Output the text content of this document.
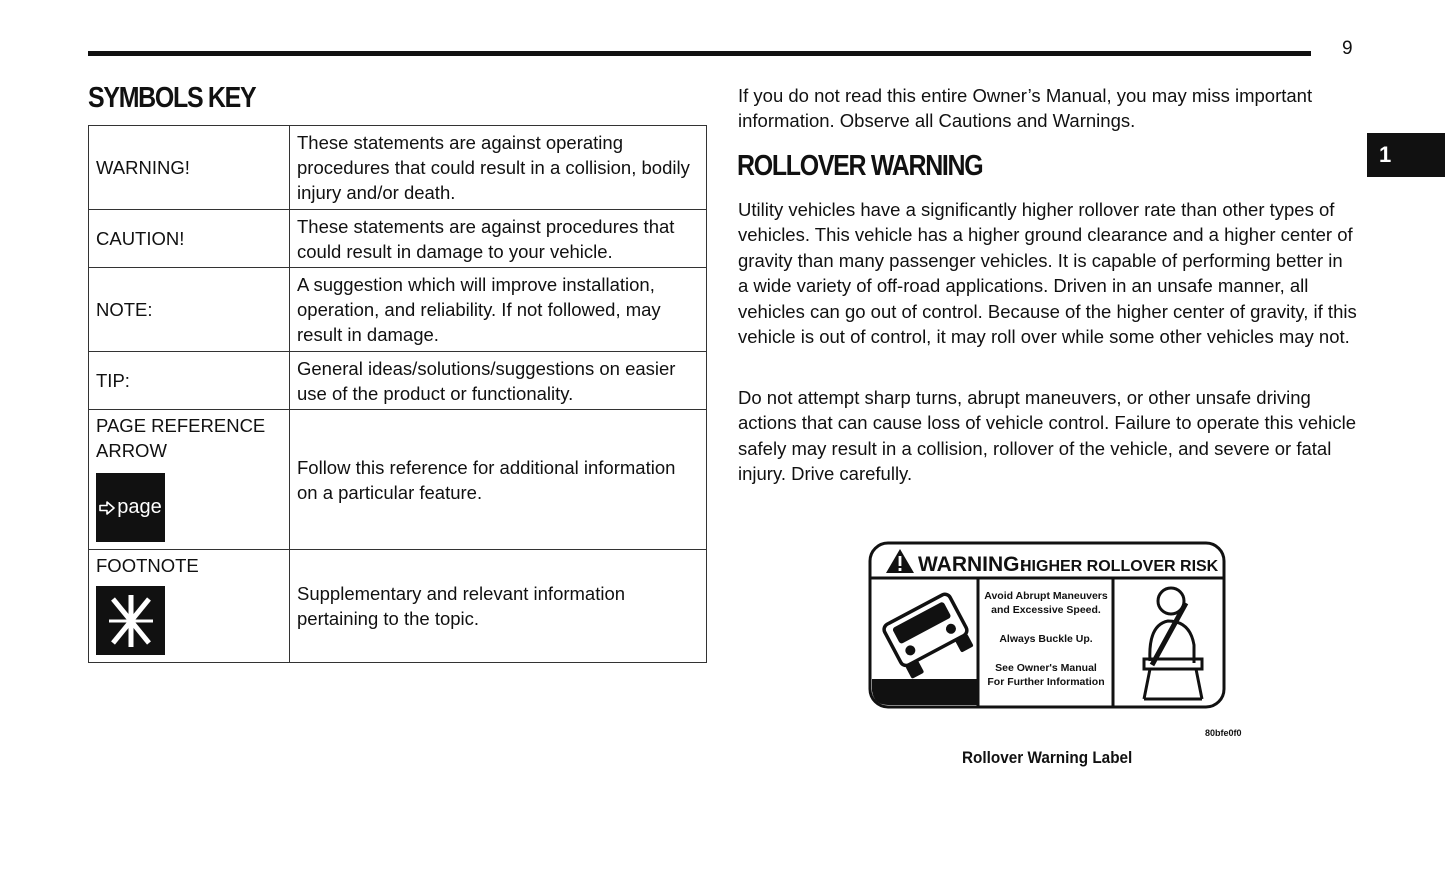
9
1
SYMBOLS KEY
WARNING!	These statements are against operating procedures that could result in a collision, bodily injury and/or death.
CAUTION!	These statements are against procedures that could result in damage to your vehicle.
NOTE:	A suggestion which will improve installation, operation, and reliability. If not followed, may result in damage.
TIP:	General ideas/solutions/suggestions on easier use of the product or functionality.

PAGE REFERENCE ARROW
page	Follow this reference for additional information on a particular feature.

FOOTNOTE	Supplementary and relevant information pertaining to the topic.

If you do not read this entire Owner’s Manual, you may miss important information. Observe all Cautions and Warnings.

ROLLOVER WARNING

Utility vehicles have a significantly higher rollover rate than other types of vehicles. This vehicle has a higher ground clearance and a higher center of gravity than many passenger vehicles. It is capable of performing better in a wide variety of off-road applications. Driven in an unsafe manner, all vehicles can go out of control. Because of the higher center of gravity, if this vehicle is out of control, it may roll over while some other vehicles may not.

Do not attempt sharp turns, abrupt maneuvers, or other unsafe driving actions that can cause loss of vehicle control. Failure to operate this vehicle safely may result in a collision, rollover of the vehicle, and severe or fatal injury. Drive carefully.

WARNING:
HIGHER ROLLOVER RISK
Avoid Abrupt Maneuvers
and Excessive Speed.
Always Buckle Up.
See Owner's Manual
For Further Information
80bfe0f0
Rollover Warning Label
